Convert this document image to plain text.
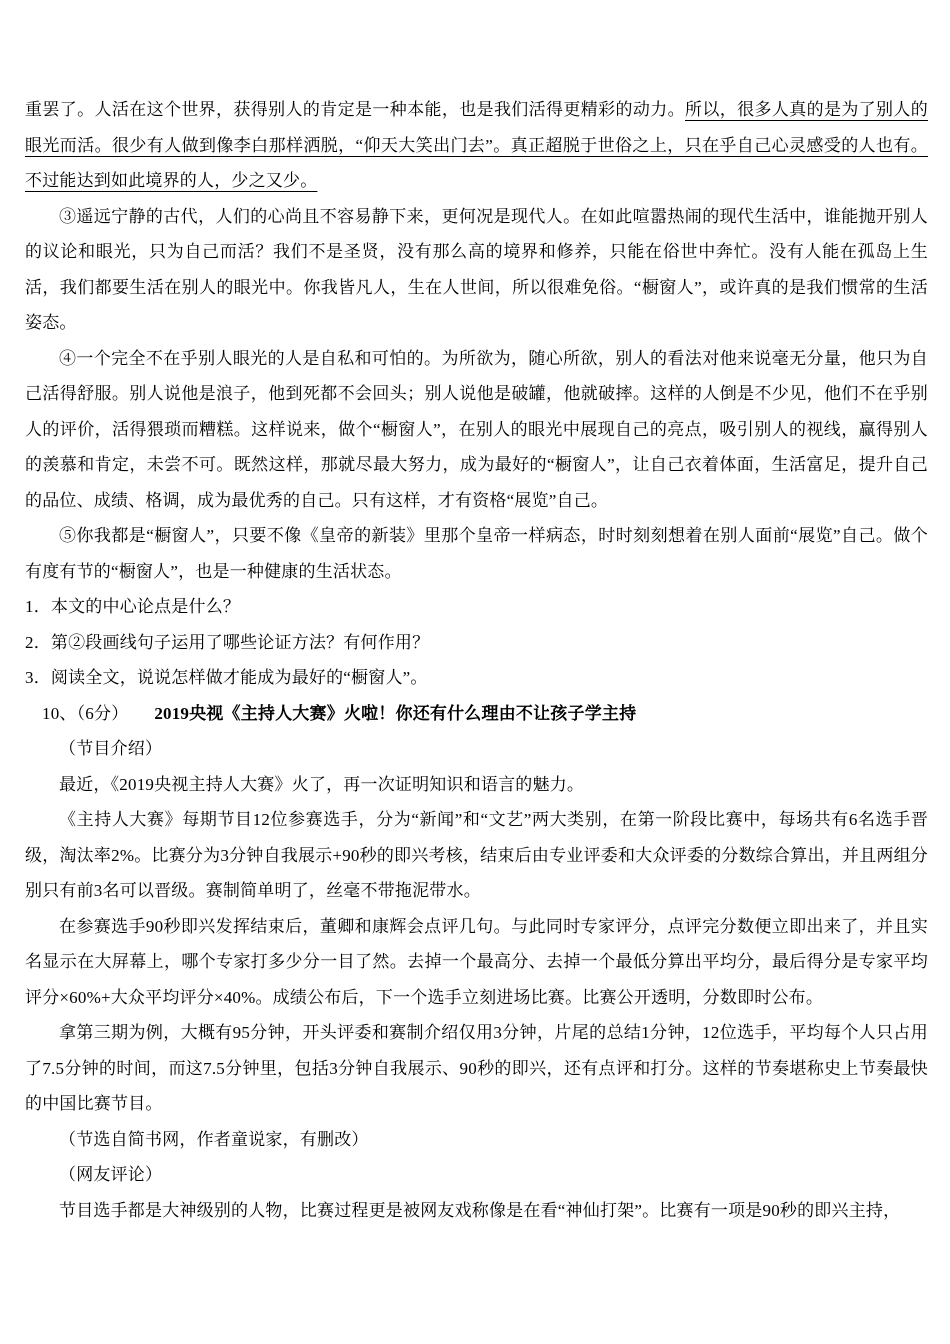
重罢了。人活在这个世界，获得别人的肯定是一种本能，也是我们活得更精彩的动力。所以，很多人真的是为了别人的眼光而活。很少有人做到像李白那样洒脱，“仰天大笑出门去”。真正超脱于世俗之上，只在乎自己心灵感受的人也有。不过能达到如此境界的人，少之又少。

③遥远宁静的古代，人们的心尚且不容易静下来，更何况是现代人。在如此喧嚣热闹的现代生活中，谁能抛开别人的议论和眼光，只为自己而活？我们不是圣贤，没有那么高的境界和修养，只能在俗世中奔忙。没有人能在孤岛上生活，我们都要生活在别人的眼光中。你我皆凡人，生在人世间，所以很难免俗。“橱窗人”，或许真的是我们惯常的生活姿态。

④一个完全不在乎别人眼光的人是自私和可怕的。为所欲为，随心所欲，别人的看法对他来说毫无分量，他只为自己活得舒服。别人说他是浪子，他到死都不会回头；别人说他是破罐，他就破摔。这样的人倒是不少见，他们不在乎别人的评价，活得猥琐而糟糕。这样说来，做个“橱窗人”，在别人的眼光中展现自己的亮点，吸引别人的视线，赢得别人的羡慕和肯定，未尝不可。既然这样，那就尽最大努力，成为最好的“橱窗人”，让自己衣着体面，生活富足，提升自己的品位、成绩、格调，成为最优秀的自己。只有这样，才有资格“展览”自己。

⑤你我都是“橱窗人”，只要不像《皇帝的新装》里那个皇帝一样病态，时时刻刻想着在别人面前“展览”自己。做个有度有节的“橱窗人”，也是一种健康的生活状态。

1．本文的中心论点是什么？

2．第②段画线句子运用了哪些论证方法？有何作用？

3．阅读全文，说说怎样做才能成为最好的“橱窗人”。

10、（6分）　　2019央视《主持人大赛》火啦！你还有什么理由不让孩子学主持

（节目介绍）

最近，《2019央视主持人大赛》火了，再一次证明知识和语言的魅力。

《主持人大赛》每期节目12位参赛选手，分为“新闻”和“文艺”两大类别，在第一阶段比赛中，每场共有6名选手晋级，淘汰率2%。比赛分为3分钟自我展示+90秒的即兴考核，结束后由专业评委和大众评委的分数综合算出，并且两组分别只有前3名可以晋级。赛制简单明了，丝毫不带拖泥带水。

在参赛选手90秒即兴发挥结束后，董卿和康辉会点评几句。与此同时专家评分，点评完分数便立即出来了，并且实名显示在大屏幕上，哪个专家打多少分一目了然。去掉一个最高分、去掉一个最低分算出平均分，最后得分是专家平均评分×60%+大众平均评分×40%。成绩公布后，下一个选手立刻进场比赛。比赛公开透明，分数即时公布。

拿第三期为例，大概有95分钟，开头评委和赛制介绍仅用3分钟，片尾的总结1分钟，12位选手，平均每个人只占用了7.5分钟的时间，而这7.5分钟里，包括3分钟自我展示、90秒的即兴，还有点评和打分。这样的节奏堪称史上节奏最快的中国比赛节目。

（节选自简书网，作者童说家，有删改）

（网友评论）

节目选手都是大神级别的人物，比赛过程更是被网友戏称像是在看“神仙打架”。比赛有一项是90秒的即兴主持，
